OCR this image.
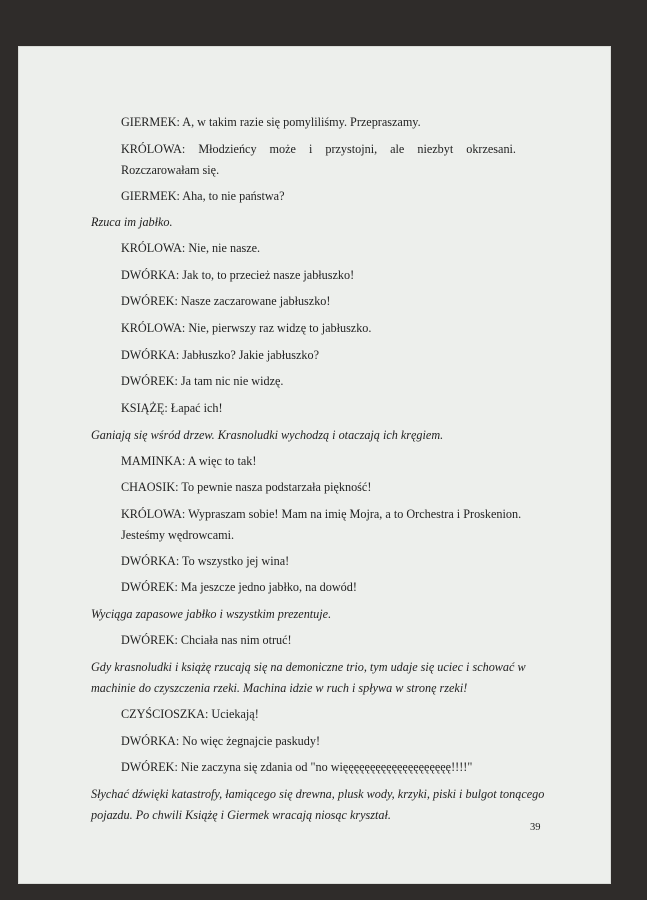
GIERMEK: A, w takim razie się pomyliliśmy. Przepraszamy.
KRÓLOWA: Młodzieńcy może i przystojni, ale niezbyt okrzesani.
Rozczarowałam się.
GIERMEK: Aha, to nie państwa?
Rzuca im jabłko.
KRÓLOWA: Nie, nie nasze.
DWÓRKA: Jak to, to przecież nasze jabłuszko!
DWÓREK: Nasze zaczarowane jabłuszko!
KRÓLOWA: Nie, pierwszy raz widzę to jabłuszko.
DWÓRKA: Jabłuszko? Jakie jabłuszko?
DWÓREK: Ja tam nic nie widzę.
KSIĄŻĘ: Łapać ich!
Ganiają się wśród drzew. Krasnoludki wychodzą i otaczają ich kręgiem.
MAMINKA: A więc to tak!
CHAOSIK: To pewnie nasza podstarzała piękność!
KRÓLOWA: Wypraszam sobie! Mam na imię Mojra, a to Orchestra i Proskenion.
Jesteśmy wędrowcami.
DWÓRKA: To wszystko jej wina!
DWÓREK: Ma jeszcze jedno jabłko, na dowód!
Wyciąga zapasowe jabłko i wszystkim prezentuje.
DWÓREK: Chciała nas nim otruć!
Gdy krasnoludki i książę rzucają się na demoniczne trio, tym udaje się uciec i schować w
machinie do czyszczenia rzeki. Machina idzie w ruch i spływa w stronę rzeki!
CZYŚCIOSZKA: Uciekają!
DWÓRKA: No więc żegnajcie paskudy!
DWÓREK: Nie zaczyna się zdania od "no więęęęęęęęęęęęęęęęęęęę!!!!"
Słychać dźwięki katastrofy, łamiącego się drewna, plusk wody, krzyki, piski i bulgot tonącego
pojazdu. Po chwili Książę i Giermek wracają niosąc kryształ.
39
